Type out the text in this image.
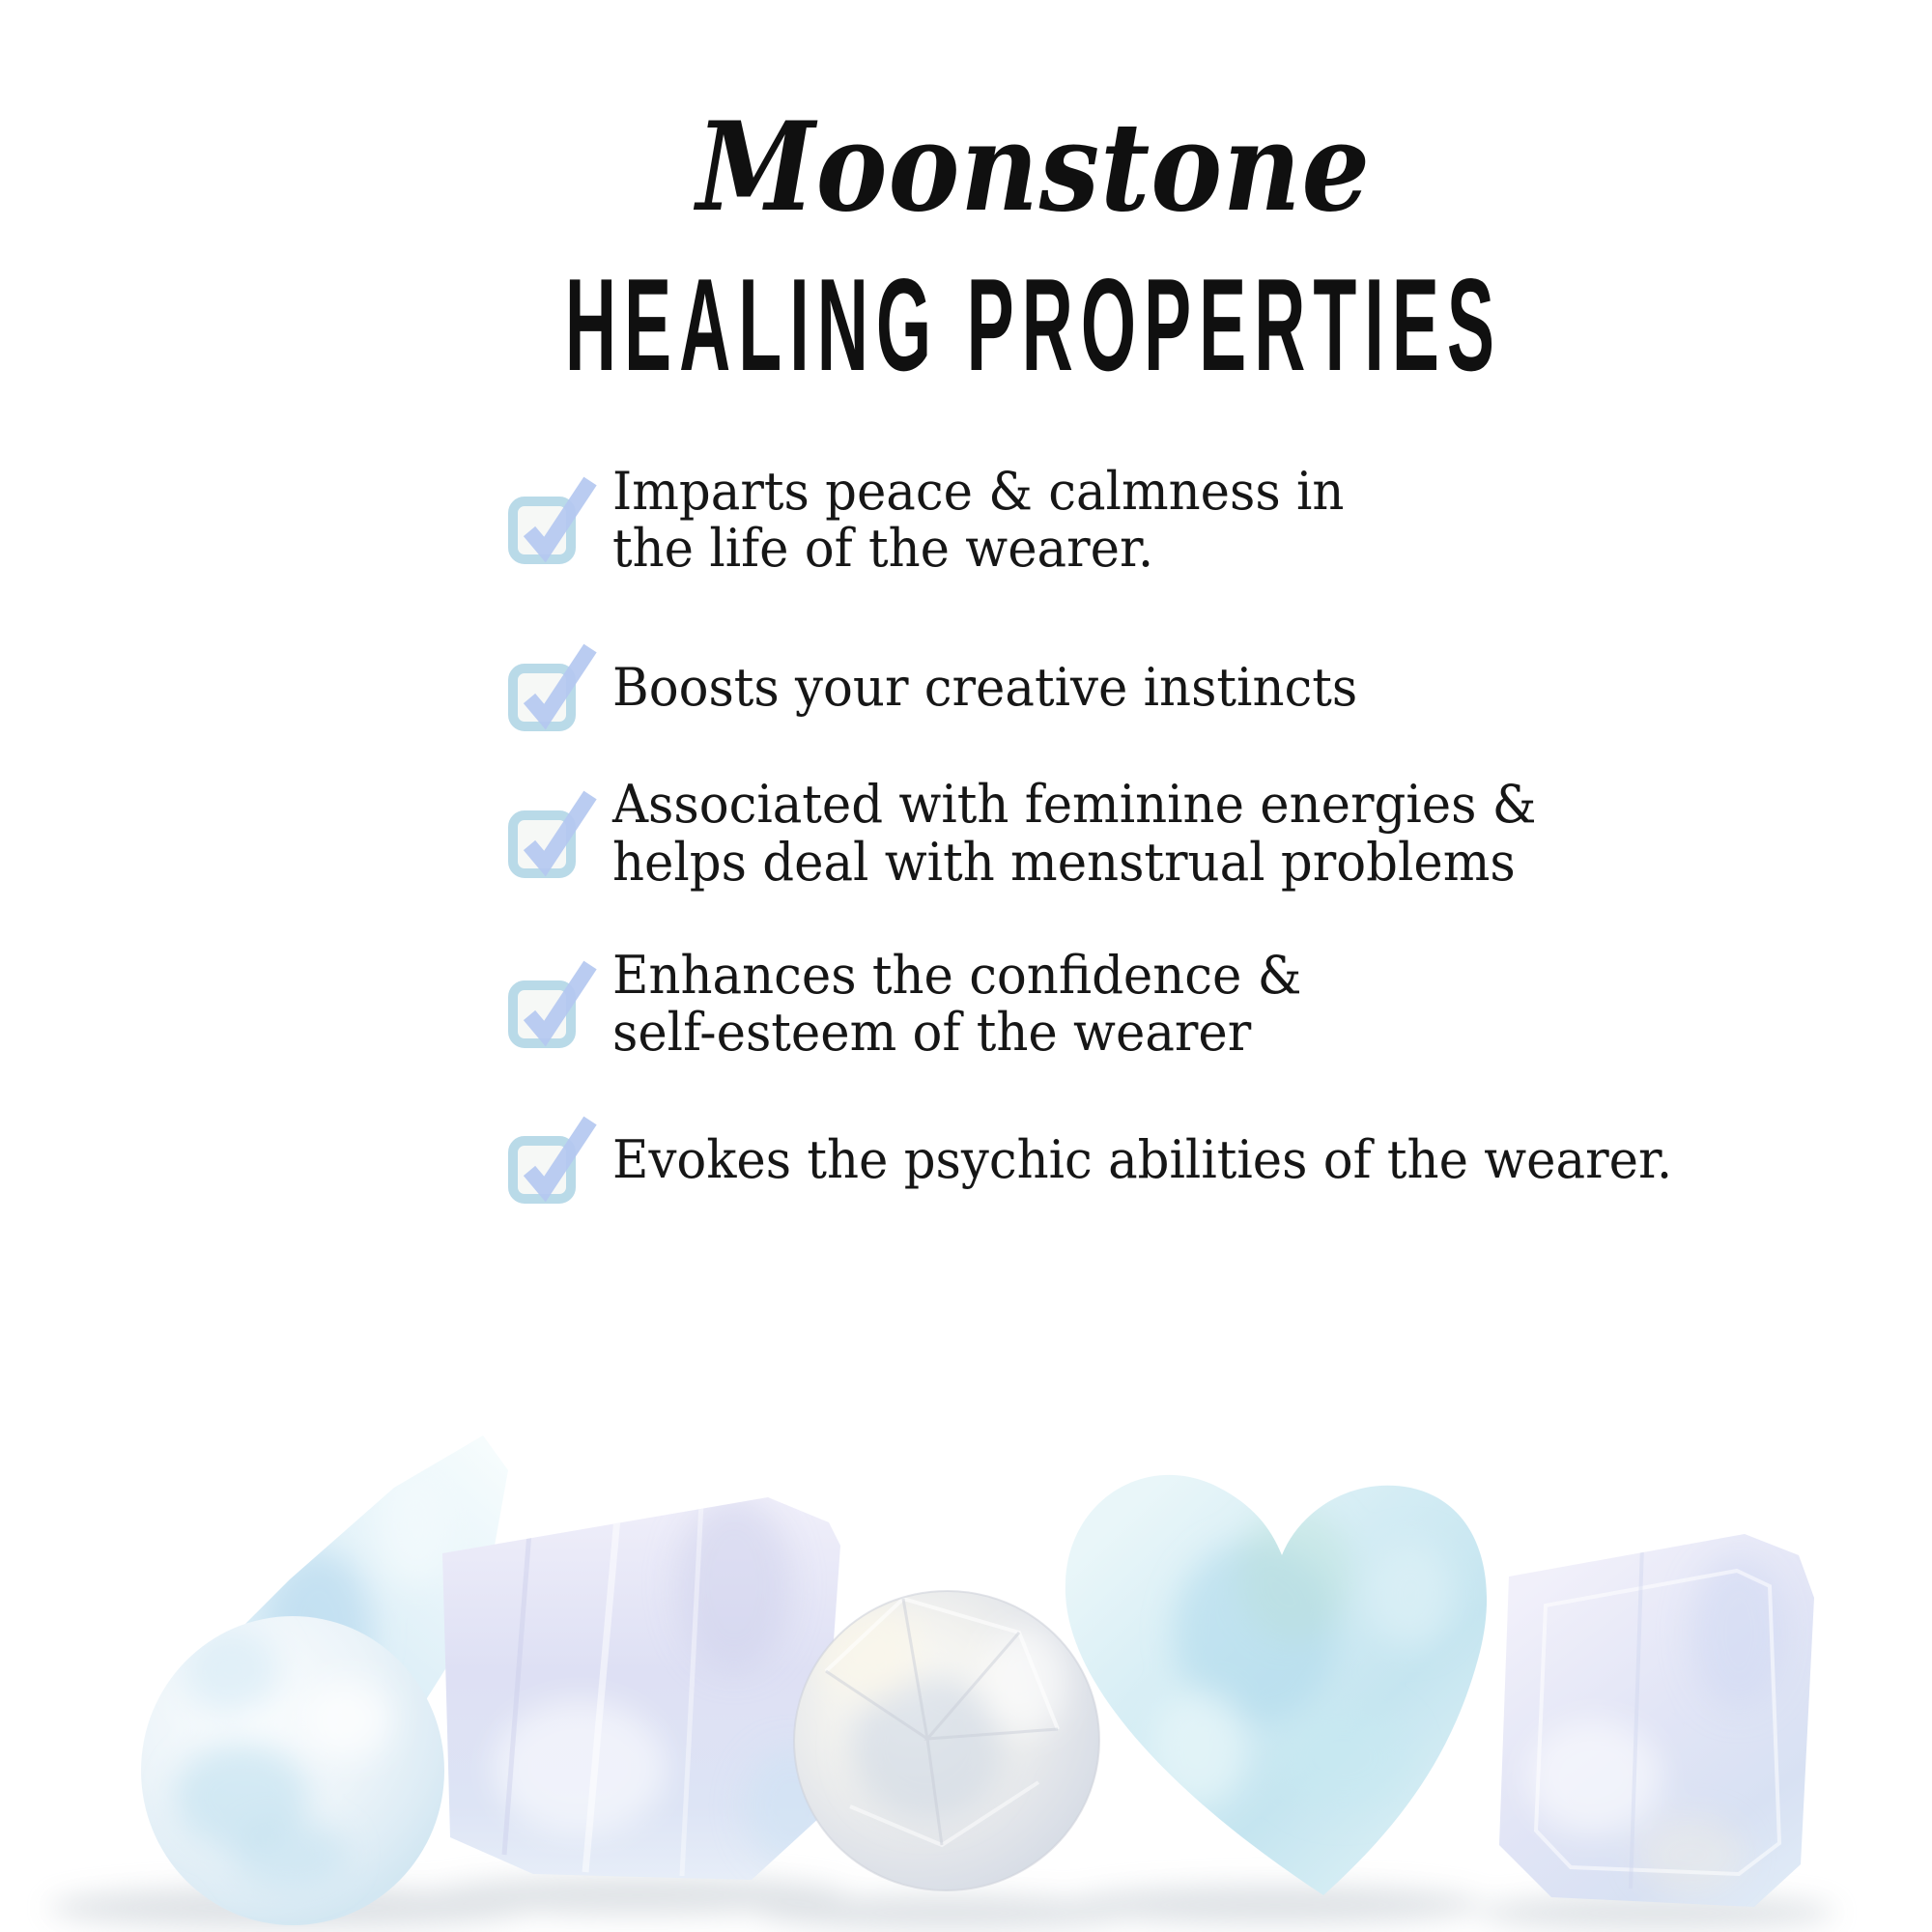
Moonstone
HEALING PROPERTIES

Imparts peace & calmness in
the life of the wearer.

Boosts your creative instincts

Associated with feminine energies &
helps deal with menstrual problems

Enhances the confidence &
self-esteem of the wearer

Evokes the psychic abilities of the wearer.
